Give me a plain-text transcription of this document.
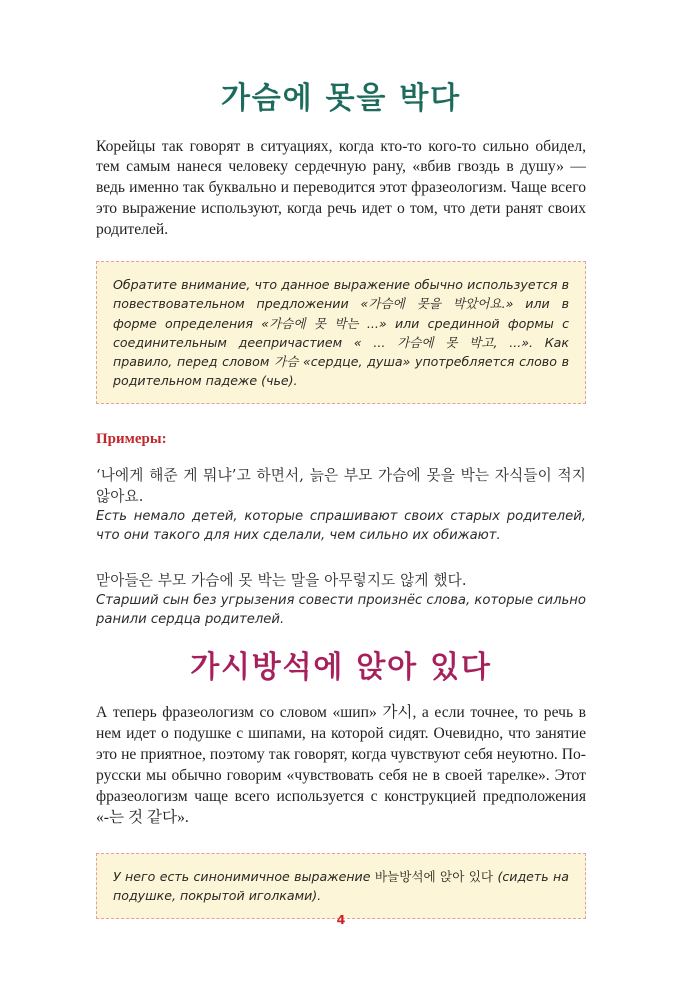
가슴에 못을 박다

Корейцы так говорят в ситуациях, когда кто-то кого-то сильно обидел, тем самым нанеся человеку сердечную рану, «вбив гвоздь в душу» — ведь именно так буквально и переводится этот фразеологизм. Чаще всего это выражение используют, когда речь идет о том, что дети ранят своих родителей.

Обратите внимание, что данное выражение обычно используется в повествовательном предложении «가슴에 못을 박았어요.» или в форме определения «가슴에 못 박는 ...» или срединной формы с соединительным деепричастием « ... 가슴에 못 박고, ...». Как правило, перед словом 가슴 «сердце, душа» употребляется слово в родительном падеже (чье).

Примеры:

‘나에게 해준 게 뭐냐’고 하면서, 늙은 부모 가슴에 못을 박는 자식들이 적지 않아요.

Есть немало детей, которые спрашивают своих старых родителей, что они такого для них сделали, чем сильно их обижают.

맏아들은 부모 가슴에 못 박는 말을 아무렇지도 않게 했다.

Старший сын без угрызения совести произнёс слова, которые сильно ранили сердца родителей.

가시방석에 앉아 있다

А теперь фразеологизм со словом «шип» 가시, а если точнее, то речь в нем идет о подушке с шипами, на которой сидят. Очевидно, что занятие это не приятное, поэтому так говорят, когда чувствуют себя неуютно. По-русски мы обычно говорим «чувствовать себя не в своей тарелке». Этот фразеологизм чаще всего используется с конструкцией предположения «-는 것 같다».

У него есть синонимичное выражение 바늘방석에 앉아 있다 (сидеть на подушке, покрытой иголками).

4
